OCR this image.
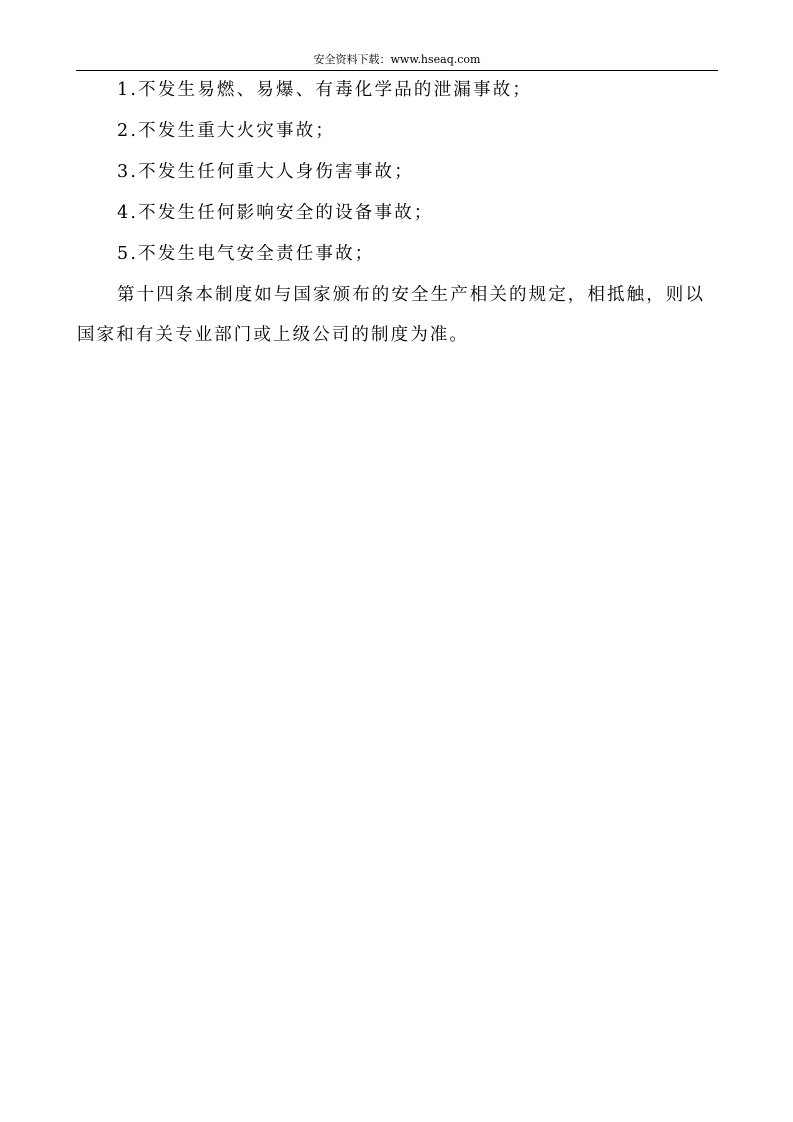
安全资料下载：www.hseaq.com
1.不发生易燃、易爆、有毒化学品的泄漏事故；
2.不发生重大火灾事故；
3.不发生任何重大人身伤害事故；
4.不发生任何影响安全的设备事故；
5.不发生电气安全责任事故；

第十四条本制度如与国家颁布的安全生产相关的规定，相抵触，则以国家和有关专业部门或上级公司的制度为准。
